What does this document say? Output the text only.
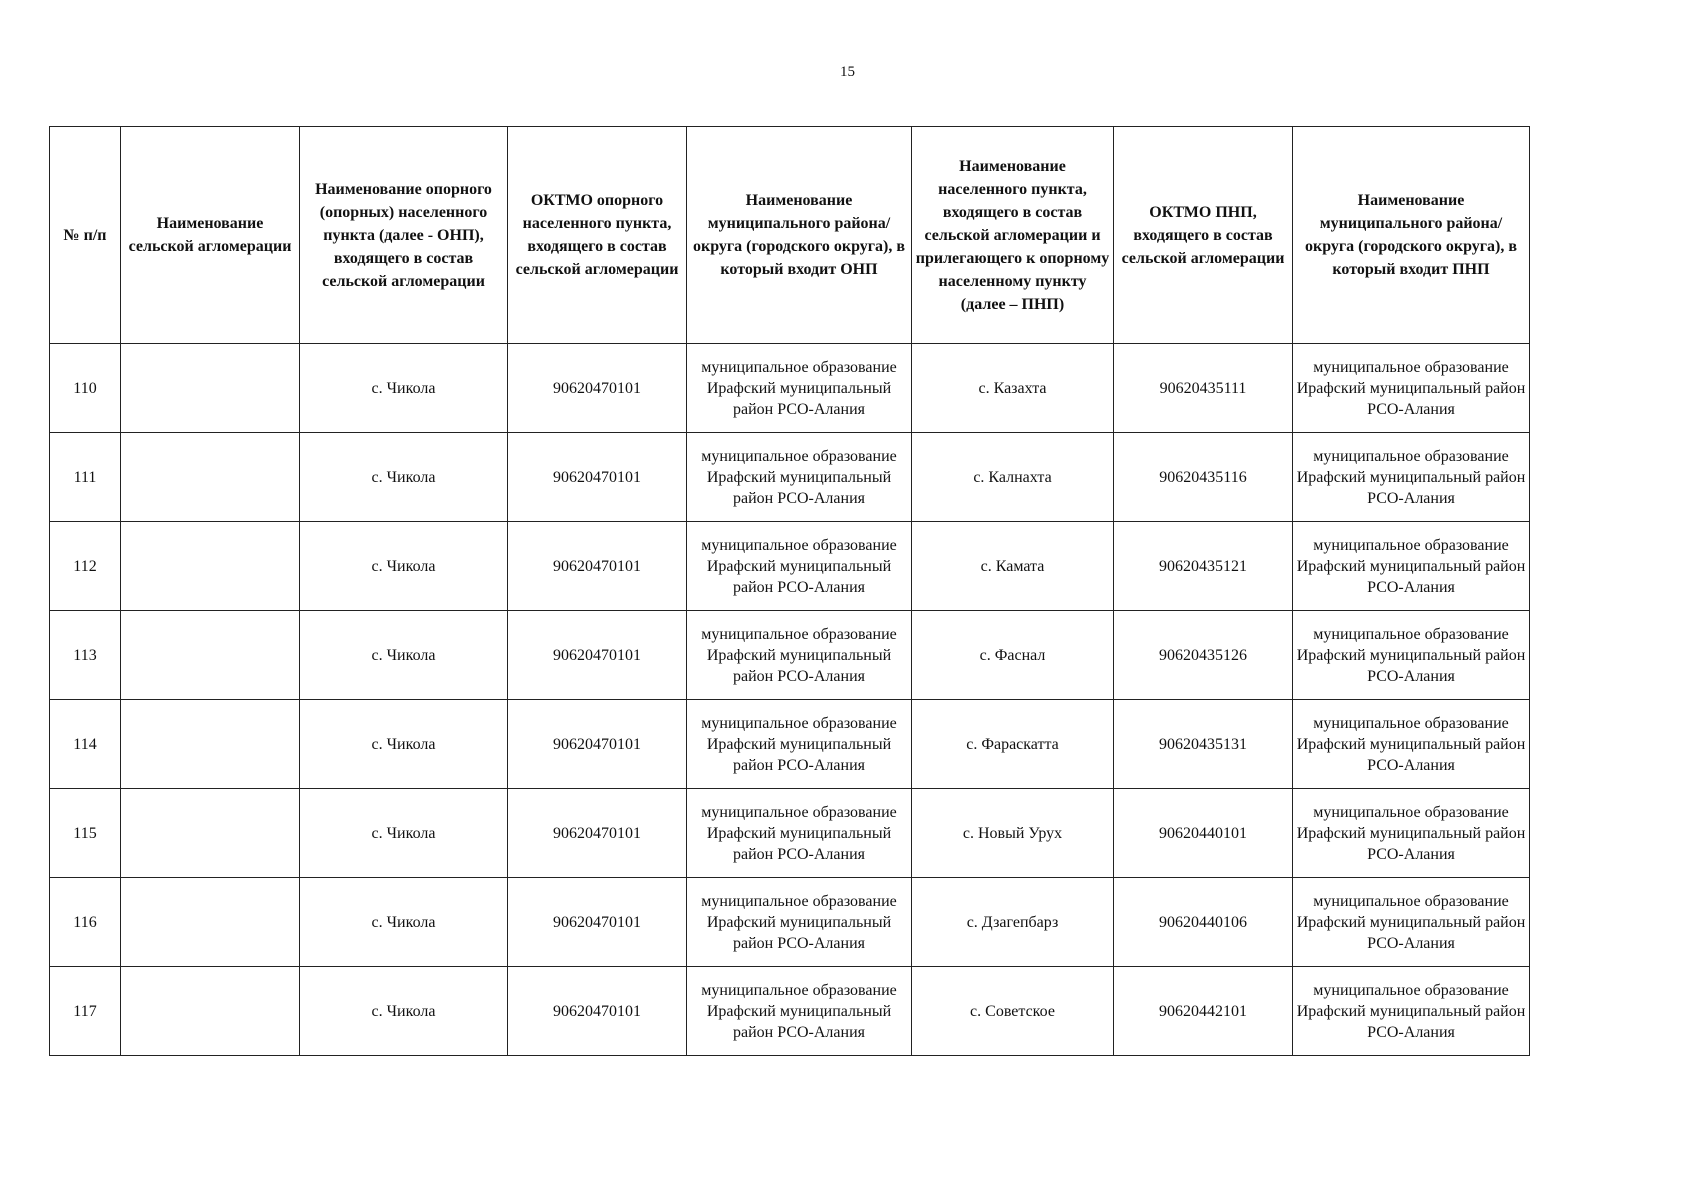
15
№ п/п	Наименование сельской агломерации	Наименование опорного (опорных) населенного пункта (далее - ОНП), входящего в состав сельской агломерации	ОКТМО опорного населенного пункта, входящего в состав сельской агломерации	Наименование муниципального района/округа (городского округа), в который входит ОНП	Наименование населенного пункта, входящего в состав сельской агломерации и прилегающего к опорному населенному пункту (далее – ПНП)	ОКТМО ПНП, входящего в состав сельской агломерации	Наименование муниципального района/округа (городского округа), в который входит ПНП
110		с. Чикола	90620470101	муниципальное образование Ирафский муниципальный район РСО-Алания	с. Казахта	90620435111	муниципальное образование Ирафский муниципальный район РСО-Алания
111		с. Чикола	90620470101	муниципальное образование Ирафский муниципальный район РСО-Алания	с. Калнахта	90620435116	муниципальное образование Ирафский муниципальный район РСО-Алания
112		с. Чикола	90620470101	муниципальное образование Ирафский муниципальный район РСО-Алания	с. Камата	90620435121	муниципальное образование Ирафский муниципальный район РСО-Алания
113		с. Чикола	90620470101	муниципальное образование Ирафский муниципальный район РСО-Алания	с. Фаснал	90620435126	муниципальное образование Ирафский муниципальный район РСО-Алания
114		с. Чикола	90620470101	муниципальное образование Ирафский муниципальный район РСО-Алания	с. Фараскатта	90620435131	муниципальное образование Ирафский муниципальный район РСО-Алания
115		с. Чикола	90620470101	муниципальное образование Ирафский муниципальный район РСО-Алания	с. Новый Урух	90620440101	муниципальное образование Ирафский муниципальный район РСО-Алания
116		с. Чикола	90620470101	муниципальное образование Ирафский муниципальный район РСО-Алания	с. Дзагепбарз	90620440106	муниципальное образование Ирафский муниципальный район РСО-Алания
117		с. Чикола	90620470101	муниципальное образование Ирафский муниципальный район РСО-Алания	с. Советское	90620442101	муниципальное образование Ирафский муниципальный район РСО-Алания
